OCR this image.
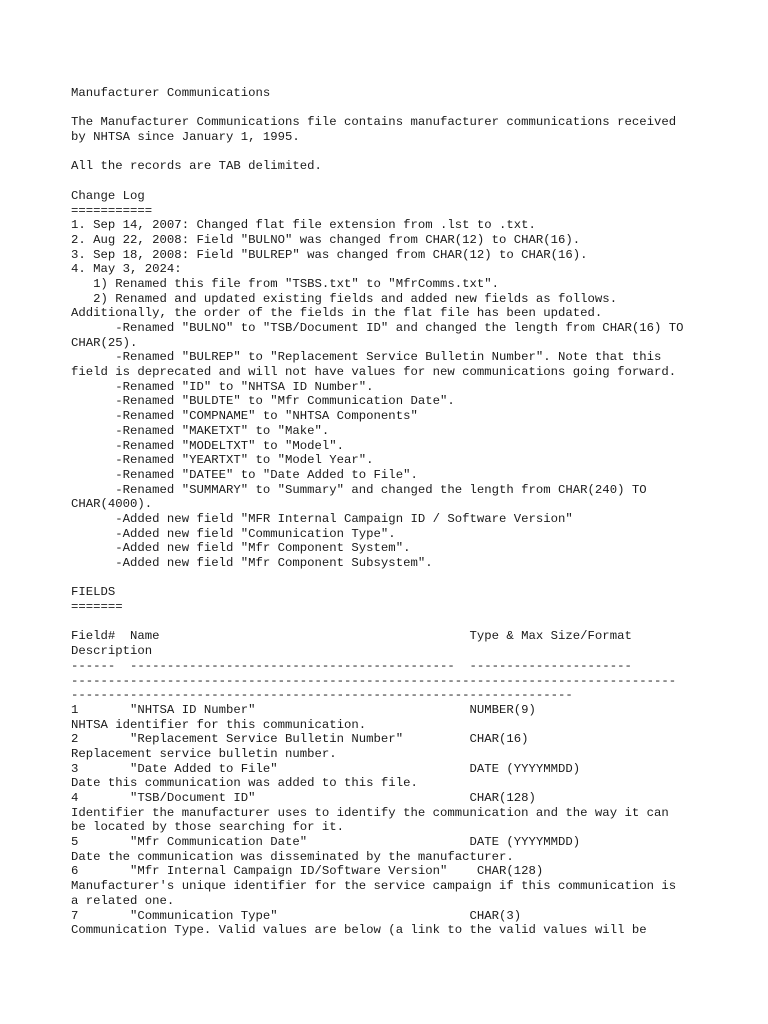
Manufacturer Communications
The Manufacturer Communications file contains manufacturer communications received
by NHTSA since January 1, 1995.
All the records are TAB delimited.
Change Log
===========
1. Sep 14, 2007: Changed flat file extension from .lst to .txt.
2. Aug 22, 2008: Field "BULNO" was changed from CHAR(12) to CHAR(16).
3. Sep 18, 2008: Field "BULREP" was changed from CHAR(12) to CHAR(16).
4. May 3, 2024:
1) Renamed this file from "TSBS.txt" to "MfrComms.txt".
2) Renamed and updated existing fields and added new fields as follows.
Additionally, the order of the fields in the flat file has been updated.
-Renamed "BULNO" to "TSB/Document ID" and changed the length from CHAR(16) TO
CHAR(25).
-Renamed "BULREP" to "Replacement Service Bulletin Number". Note that this
field is deprecated and will not have values for new communications going forward.
-Renamed "ID" to "NHTSA ID Number".
-Renamed "BULDTE" to "Mfr Communication Date".
-Renamed "COMPNAME" to "NHTSA Components"
-Renamed "MAKETXT" to "Make".
-Renamed "MODELTXT" to "Model".
-Renamed "YEARTXT" to "Model Year".
-Renamed "DATEE" to "Date Added to File".
-Renamed "SUMMARY" to "Summary" and changed the length from CHAR(240) TO
CHAR(4000).
-Added new field "MFR Internal Campaign ID / Software Version"
-Added new field "Communication Type".
-Added new field "Mfr Component System".
-Added new field "Mfr Component Subsystem".
FIELDS
=======
Field#  Name                                          Type & Max Size/Format
Description
------  --------------------------------------------  ----------------------
----------------------------------------------------------------------------------
--------------------------------------------------------------------
1       "NHTSA ID Number"                             NUMBER(9)
NHTSA identifier for this communication.
2       "Replacement Service Bulletin Number"         CHAR(16)
Replacement service bulletin number.
3       "Date Added to File"                          DATE (YYYYMMDD)
Date this communication was added to this file.
4       "TSB/Document ID"                             CHAR(128)
Identifier the manufacturer uses to identify the communication and the way it can
be located by those searching for it.
5       "Mfr Communication Date"                      DATE (YYYYMMDD)
Date the communication was disseminated by the manufacturer.
6       "Mfr Internal Campaign ID/Software Version"    CHAR(128)
Manufacturer's unique identifier for the service campaign if this communication is
a related one.
7       "Communication Type"                          CHAR(3)
Communication Type. Valid values are below (a link to the valid values will be
